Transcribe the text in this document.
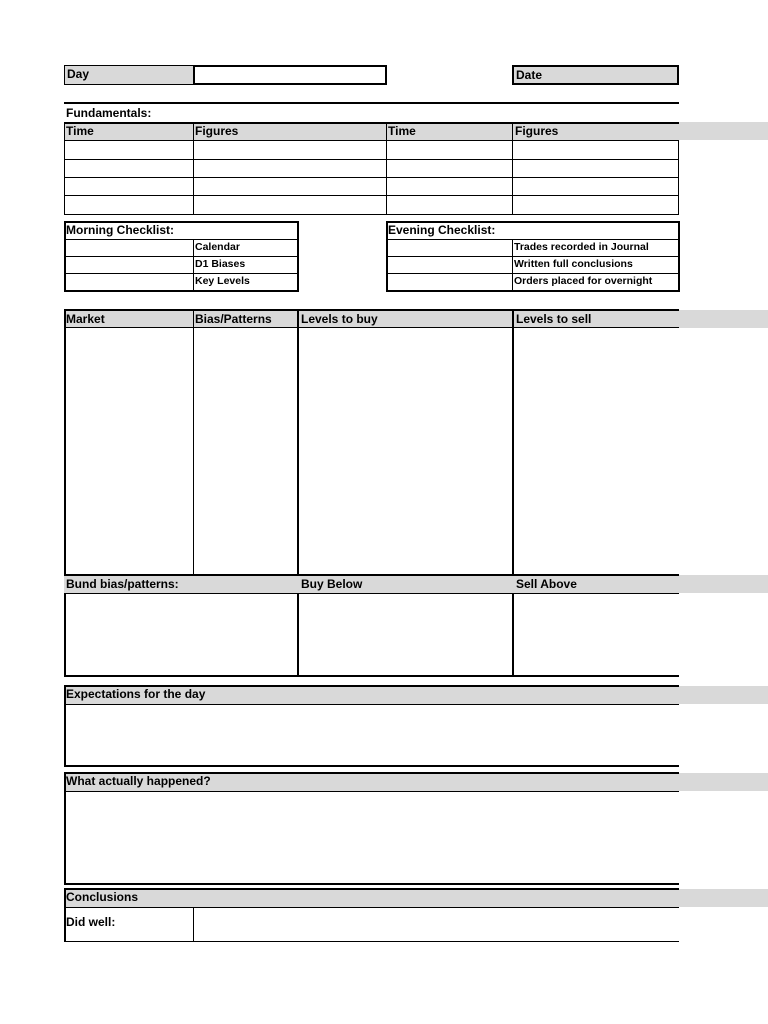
Day	Date
Fundamentals:
Time	Figures	Time	Figures
Morning Checklist:
Calendar
D1 Biases
Key Levels
Evening Checklist:
Trades recorded in Journal
Written full conclusions
Orders placed for overnight
Market	Bias/Patterns	Levels to buy	Levels to sell
Bund bias/patterns:	Buy Below	Sell Above
Expectations for the day
What actually happened?
Conclusions
Did well:
